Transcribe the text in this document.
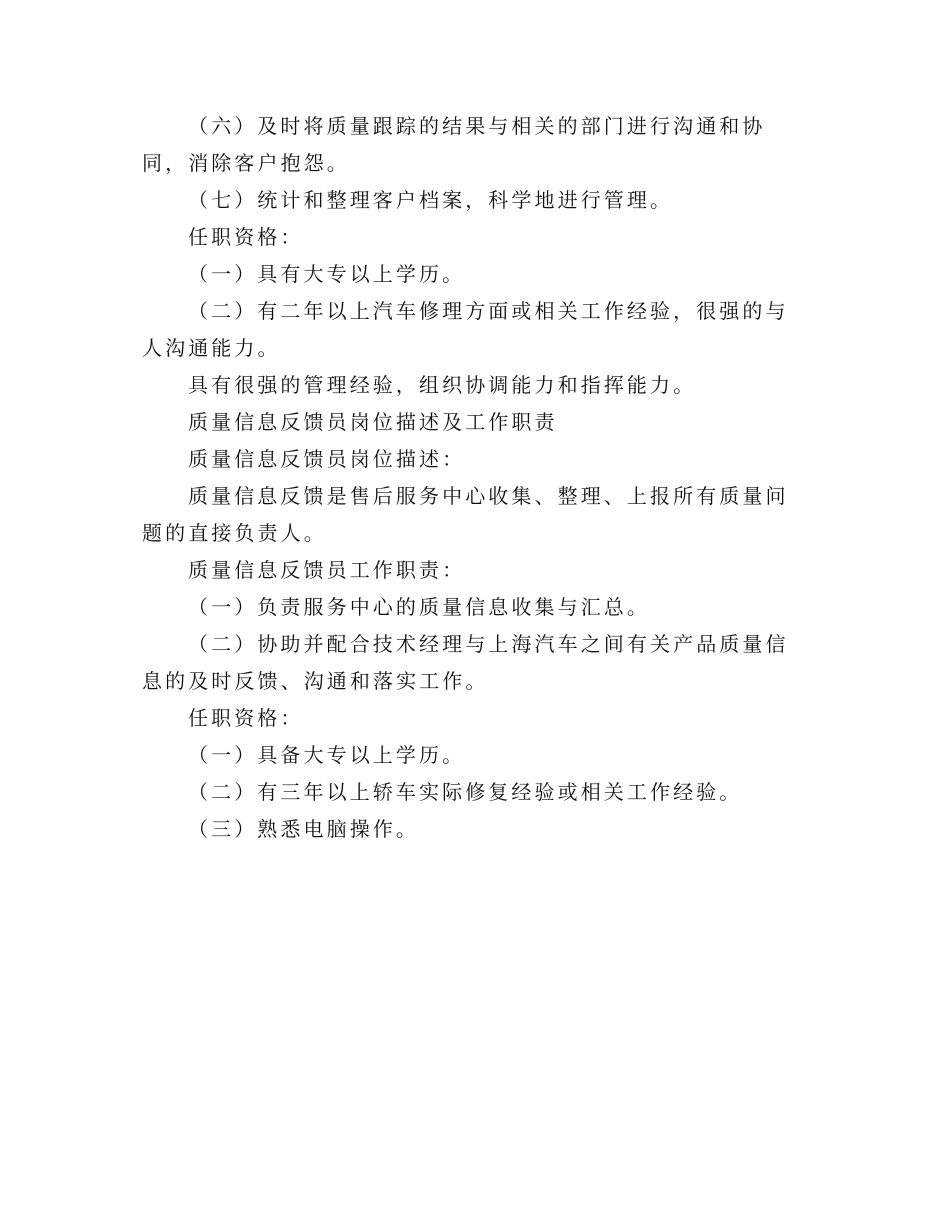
（六）及时将质量跟踪的结果与相关的部门进行沟通和协同，消除客户抱怨。

（七）统计和整理客户档案，科学地进行管理。

任职资格：

（一）具有大专以上学历。

（二）有二年以上汽车修理方面或相关工作经验，很强的与人沟通能力。

具有很强的管理经验，组织协调能力和指挥能力。

质量信息反馈员岗位描述及工作职责

质量信息反馈员岗位描述：

质量信息反馈是售后服务中心收集、整理、上报所有质量问题的直接负责人。

质量信息反馈员工作职责：

（一）负责服务中心的质量信息收集与汇总。

（二）协助并配合技术经理与上海汽车之间有关产品质量信息的及时反馈、沟通和落实工作。

任职资格：

（一）具备大专以上学历。

（二）有三年以上轿车实际修复经验或相关工作经验。

（三）熟悉电脑操作。
